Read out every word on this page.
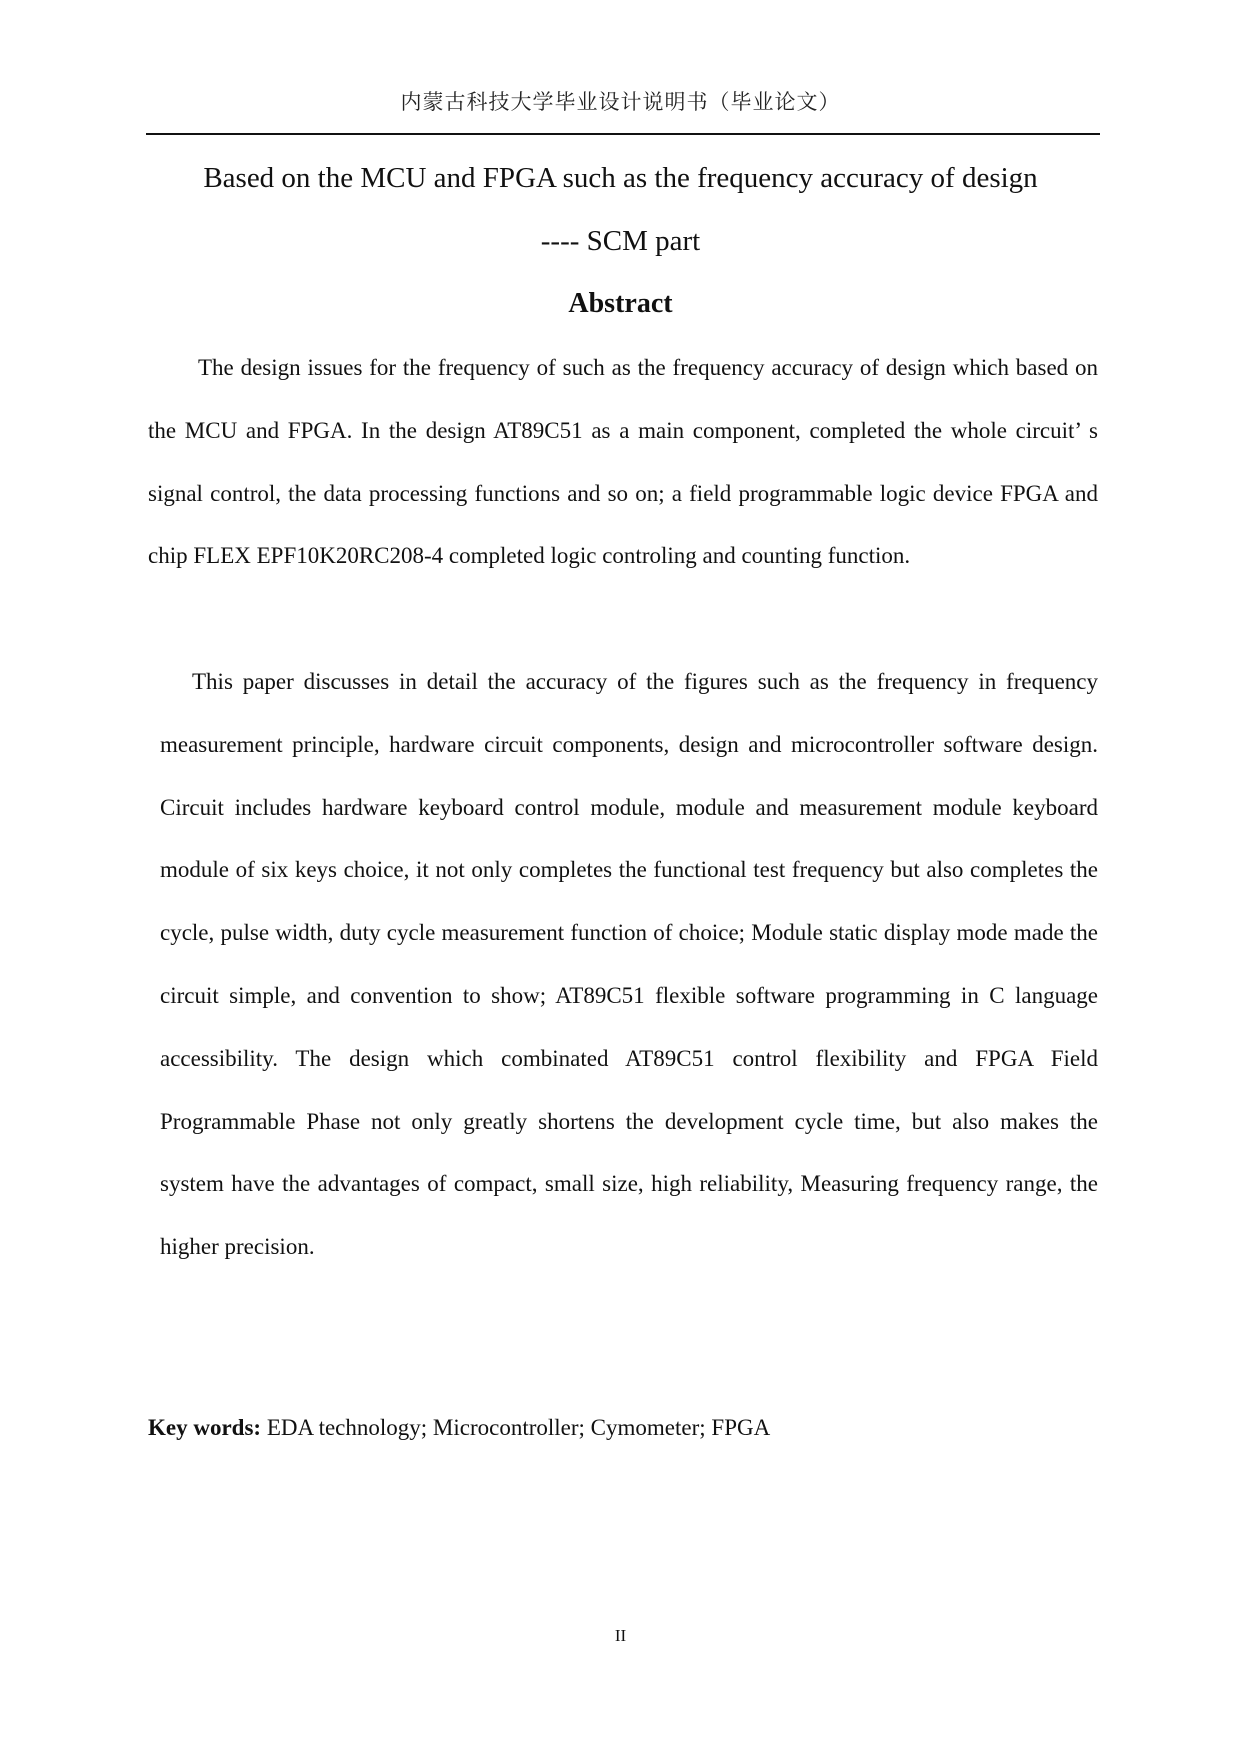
内蒙古科技大学毕业设计说明书（毕业论文）
Based on the MCU and FPGA such as the frequency accuracy of design
---- SCM part
Abstract

The design issues for the frequency of such as the frequency accuracy of design which based on the MCU and FPGA. In the design AT89C51 as a main component, completed the whole circuit’ s signal control, the data processing functions and so on; a field programmable logic device FPGA and chip FLEX EPF10K20RC208-4 completed logic controling and counting function.

This paper discusses in detail the accuracy of the figures such as the frequency in frequency measurement principle, hardware circuit components, design and microcontroller software design. Circuit includes hardware keyboard control module, module and measurement module keyboard module of six keys choice, it not only completes the functional test frequency but also completes the cycle, pulse width, duty cycle measurement function of choice; Module static display mode made the circuit simple, and convention to show; AT89C51 flexible software programming in C language accessibility. The design which combinated AT89C51 control flexibility and FPGA Field Programmable Phase not only greatly shortens the development cycle time, but also makes the system have the advantages of compact, small size, high reliability, Measuring frequency range, the higher precision.

Key words: EDA technology; Microcontroller; Cymometer; FPGA
II
